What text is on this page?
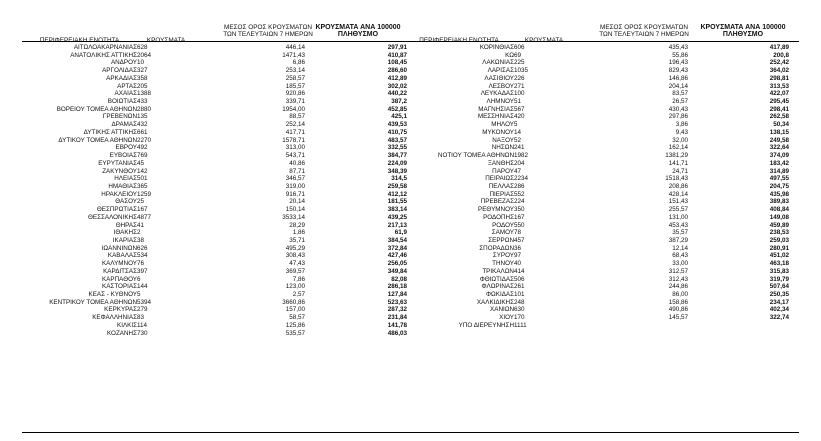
ΠΕΡΙΦΕΡΕΙΑΚΗ ΕΝΟΤΗΤΑ	ΚΡΟΥΣΜΑΤΑ
ΜΕΣΟΣ ΟΡΟΣ ΚΡΟΥΣΜΑΤΩΝ
ΤΩΝ ΤΕΛΕΥΤΑΙΩΝ 7 ΗΜΕΡΩΝ
ΚΡΟΥΣΜΑΤΑ ΑΝΑ 100000
ΠΛΗΘΥΣΜΟ
ΠΕΡΙΦΕΡΕΙΑΚΗ ΕΝΟΤΗΤΑ	ΚΡΟΥΣΜΑΤΑ
ΜΕΣΟΣ ΟΡΟΣ ΚΡΟΥΣΜΑΤΩΝ
ΤΩΝ ΤΕΛΕΥΤΑΙΩΝ 7 ΗΜΕΡΩΝ
ΚΡΟΥΣΜΑΤΑ ΑΝΑ 100000
ΠΛΗΘΥΣΜΟ
ΑΙΤΩΛΟΑΚΑΡΝΑΝΙΑΣ	628	446,14	297,91
ΑΝΑΤΟΛΙΚΗΣ ΑΤΤΙΚΗΣ	2064	1471,43	410,87
ΑΝΔΡΟΥ	10	6,86	108,45
ΑΡΓΟΛΙΔΑΣ	327	253,14	286,60
ΑΡΚΑΔΙΑΣ	358	258,57	412,89
ΑΡΤΑΣ	205	185,57	302,02
ΑΧΑΪΑΣ	1388	920,86	440,22
ΒΟΙΩΤΙΑΣ	433	339,71	387,2
ΒΟΡΕΙΟΥ ΤΟΜΕΑ ΑΘΗΝΩΝ	2880	1954,00	452,85
ΓΡΕΒΕΝΩΝ	135	88,57	425,1
ΔΡΑΜΑΣ	432	252,14	439,53
ΔΥΤΙΚΗΣ ΑΤΤΙΚΗΣ	661	417,71	410,75
ΔΥΤΙΚΟΥ ΤΟΜΕΑ ΑΘΗΝΩΝ	2270	1578,71	483,57
ΕΒΡΟΥ	492	313,00	332,55
ΕΥΒΟΙΑΣ	769	543,71	384,77
ΕΥΡΥΤΑΝΙΑΣ	45	40,86	224,09
ΖΑΚΥΝΘΟΥ	142	87,71	348,39
ΗΛΕΙΑΣ	501	346,57	314,5
ΗΜΑΘΙΑΣ	365	319,00	259,58
ΗΡΑΚΛΕΙΟΥ	1259	916,71	412,12
ΘΑΣΟΥ	25	20,14	181,55
ΘΕΣΠΡΩΤΙΑΣ	167	150,14	383,14
ΘΕΣΣΑΛΟΝΙΚΗΣ	4877	3533,14	439,25
ΘΗΡΑΣ	41	28,29	217,13
ΙΘΑΚΗΣ	2	1,86	61,9
ΙΚΑΡΙΑΣ	38	35,71	384,54
ΙΩΑΝΝΙΝΩΝ	626	495,29	372,84
ΚΑΒΑΛΑΣ	534	308,43	427,46
ΚΑΛΥΜΝΟΥ	76	47,43	256,05
ΚΑΡΔΙΤΣΑΣ	397	369,57	349,84
ΚΑΡΠΑΘΟΥ	6	7,86	82,08
ΚΑΣΤΟΡΙΑΣ	144	123,00	286,18
ΚΕΑΣ - ΚΥΘΝΟΥ	5	2,57	127,84
ΚΕΝΤΡΙΚΟΥ ΤΟΜΕΑ ΑΘΗΝΩΝ	5394	3660,86	523,63
ΚΕΡΚΥΡΑΣ	279	157,00	287,32
ΚΕΦΑΛΛΗΝΙΑΣ	83	58,57	231,84
ΚΙΛΚΙΣ	114	125,86	141,78
ΚΟΖΑΝΗΣ	730	535,57	486,03
ΚΟΡΙΝΘΙΑΣ	606	435,43	417,89
ΚΩ	69	55,86	200,8
ΛΑΚΩΝΙΑΣ	225	196,43	252,42
ΛΑΡΙΣΑΣ	1035	829,43	364,02
ΛΑΣΙΘΙΟΥ	226	146,86	298,81
ΛΕΣΒΟΥ	271	204,14	313,53
ΛΕΥΚΑΔΑΣ	100	83,57	422,07
ΛΗΜΝΟΥ	51	26,57	295,45
ΜΑΓΝΗΣΙΑΣ	567	430,43	298,41
ΜΕΣΣΗΝΙΑΣ	420	297,86	262,58
ΜΗΛΟΥ	5	3,86	50,34
ΜΥΚΟΝΟΥ	14	9,43	138,15
ΝΑΞΟΥ	52	32,00	249,58
ΝΗΣΩΝ	241	162,14	322,64
ΝΟΤΙΟΥ ΤΟΜΕΑ ΑΘΗΝΩΝ	1982	1381,29	374,09
ΞΑΝΘΗΣ	204	141,71	183,42
ΠΑΡΟΥ	47	24,71	314,89
ΠΕΙΡΑΙΩΣ	2234	1518,43	497,55
ΠΕΛΛΑΣ	286	208,86	204,75
ΠΙΕΡΙΑΣ	552	428,14	435,98
ΠΡΕΒΕΖΑΣ	224	151,43	389,83
ΡΕΘΥΜΝΟΥ	350	255,57	408,84
ΡΟΔΟΠΗΣ	167	131,00	149,08
ΡΟΔΟΥ	550	453,43	459,89
ΣΑΜΟΥ	78	35,57	238,53
ΣΕΡΡΩΝ	457	387,29	259,03
ΣΠΟΡΑΔΩΝ	36	12,14	280,91
ΣΥΡΟΥ	97	68,43	451,02
ΤΗΝΟΥ	40	33,00	463,18
ΤΡΙΚΑΛΩΝ	414	312,57	315,83
ΦΘΙΩΤΙΔΑΣ	506	312,43	319,79
ΦΛΩΡΙΝΑΣ	261	244,86	507,64
ΦΩΚΙΔΑΣ	101	86,00	250,35
ΧΑΛΚΙΔΙΚΗΣ	248	158,86	234,17
ΧΑΝΙΩΝ	630	490,86	402,34
ΧΙΟΥ	170	145,57	322,74
ΥΠΟ ΔΙΕΡΕΥΝΗΣΗ	1111		
